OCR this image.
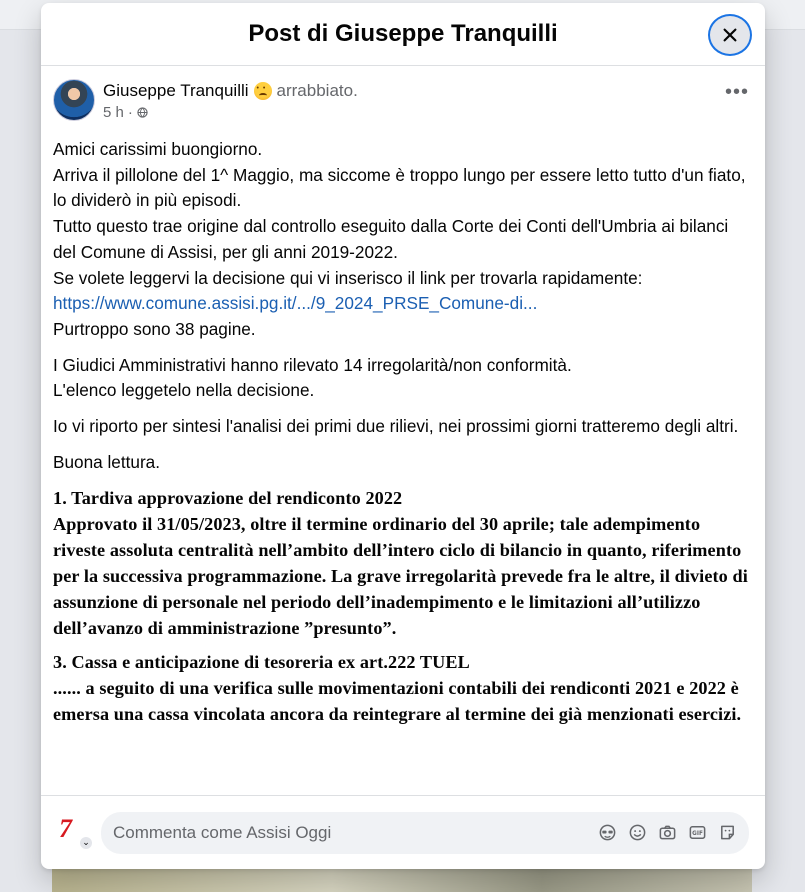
Post di Giuseppe Tranquilli
Giuseppe Tranquilli • • arrabbiato.
5 h ·
•••

Amici carissimi buongiorno.
Arriva il pillolone del 1^ Maggio, ma siccome è troppo lungo per essere letto tutto d'un fiato, lo dividerò in più episodi.
Tutto questo trae origine dal controllo eseguito dalla Corte dei Conti dell'Umbria ai bilanci del Comune di Assisi, per gli anni 2019-2022.
Se volete leggervi la decisione qui vi inserisco il link per trovarla rapidamente:
https://www.comune.assisi.pg.it/.../9_2024_PRSE_Comune-di...
Purtroppo sono 38 pagine.

I Giudici Amministrativi hanno rilevato 14 irregolarità/non conformità.
L'elenco leggetelo nella decisione.

Io vi riporto per sintesi l'analisi dei primi due rilievi, nei prossimi giorni tratteremo degli altri.

Buona lettura.

1. Tardiva approvazione del rendiconto 2022
Approvato il 31/05/2023, oltre il termine ordinario del 30 aprile; tale adempimento riveste assoluta centralità nell’ambito dell’intero ciclo di bilancio in quanto, riferimento per la successiva programmazione. La grave irregolarità prevede fra le altre, il divieto di assunzione di personale nel periodo dell’inadempimento e le limitazioni all’utilizzo dell’avanzo di amministrazione ”presunto”.
3. Cassa e anticipazione di tesoreria ex art.222 TUEL
...... a seguito di una verifica sulle movimentazioni contabili dei rendiconti 2021 e 2022 è emersa una cassa vincolata ancora da reintegrare al termine dei già menzionati esercizi.
7	⌄
Commenta come Assisi Oggi	GIF
